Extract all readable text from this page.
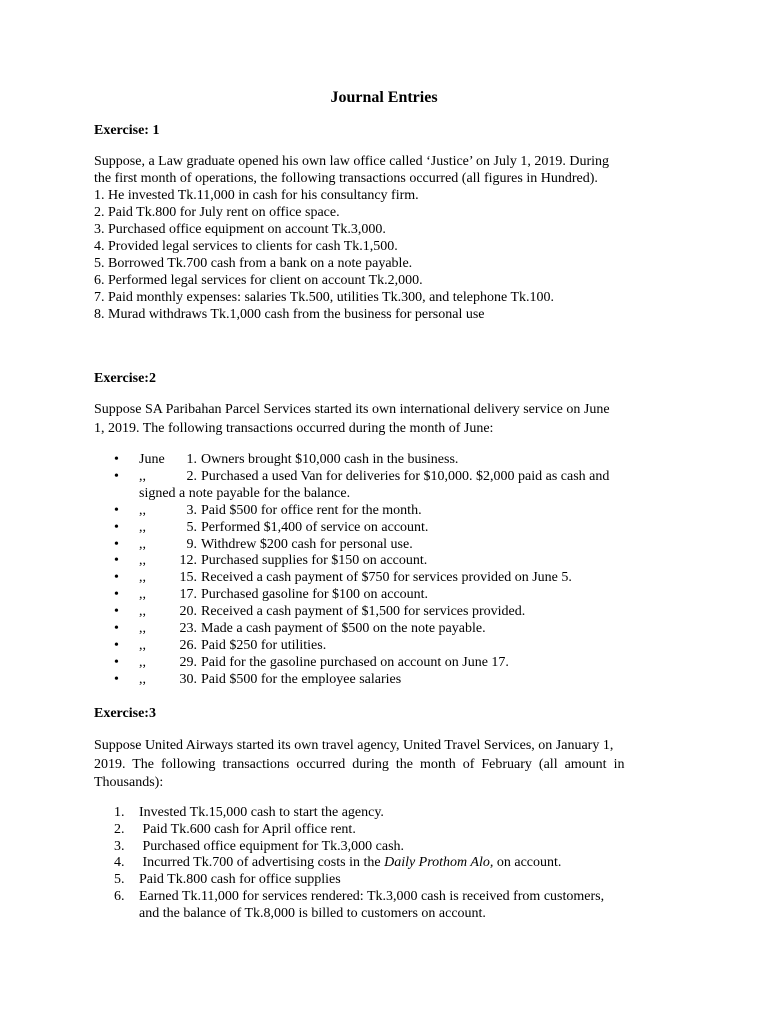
Journal Entries
Exercise: 1
Suppose, a Law graduate opened his own law office called ‘Justice’ on July 1, 2019. During
the first month of operations, the following transactions occurred (all figures in Hundred).
1. He invested Tk.11,000 in cash for his consultancy firm.
2. Paid Tk.800 for July rent on office space.
3. Purchased office equipment on account Tk.3,000.
4. Provided legal services to clients for cash Tk.1,500.
5. Borrowed Tk.700 cash from a bank on a note payable.
6. Performed legal services for client on account Tk.2,000.
7. Paid monthly expenses: salaries Tk.500, utilities Tk.300, and telephone Tk.100.
8. Murad withdraws Tk.1,000 cash from the business for personal use
Exercise:2
Suppose SA Paribahan Parcel Services started its own international delivery service on June
1, 2019. The following transactions occurred during the month of June:
• June 1. Owners brought $10,000 cash in the business.
• ,,	2. Purchased a used Van for deliveries for $10,000. $2,000 paid as cash and
signed a note payable for the balance.
• ,,	3. Paid $500 for office rent for the month.
• ,,	5. Performed $1,400 of service on account.
• ,,	9. Withdrew $200 cash for personal use.
• ,, 12. Purchased supplies for $150 on account.
• ,, 15. Received a cash payment of $750 for services provided on June 5.
• ,, 17. Purchased gasoline for $100 on account.
• ,, 20. Received a cash payment of $1,500 for services provided.
• ,, 23. Made a cash payment of $500 on the note payable.
• ,, 26. Paid $250 for utilities.
• ,, 29. Paid for the gasoline purchased on account on June 17.
• ,, 30. Paid $500 for the employee salaries
Exercise:3
Suppose United Airways started its own travel agency, United Travel Services, on January 1,
2019.  The  following  transactions  occurred  during  the  month  of  February  (all  amount  in
Thousands):
1. Invested Tk.15,000 cash to start the agency.
2. Paid Tk.600 cash for April office rent.
3. Purchased office equipment for Tk.3,000 cash.
4. Incurred Tk.700 of advertising costs in the Daily Prothom Alo, on account.
5. Paid Tk.800 cash for office supplies
6. Earned Tk.11,000 for services rendered: Tk.3,000 cash is received from customers,
and the balance of Tk.8,000 is billed to customers on account.
